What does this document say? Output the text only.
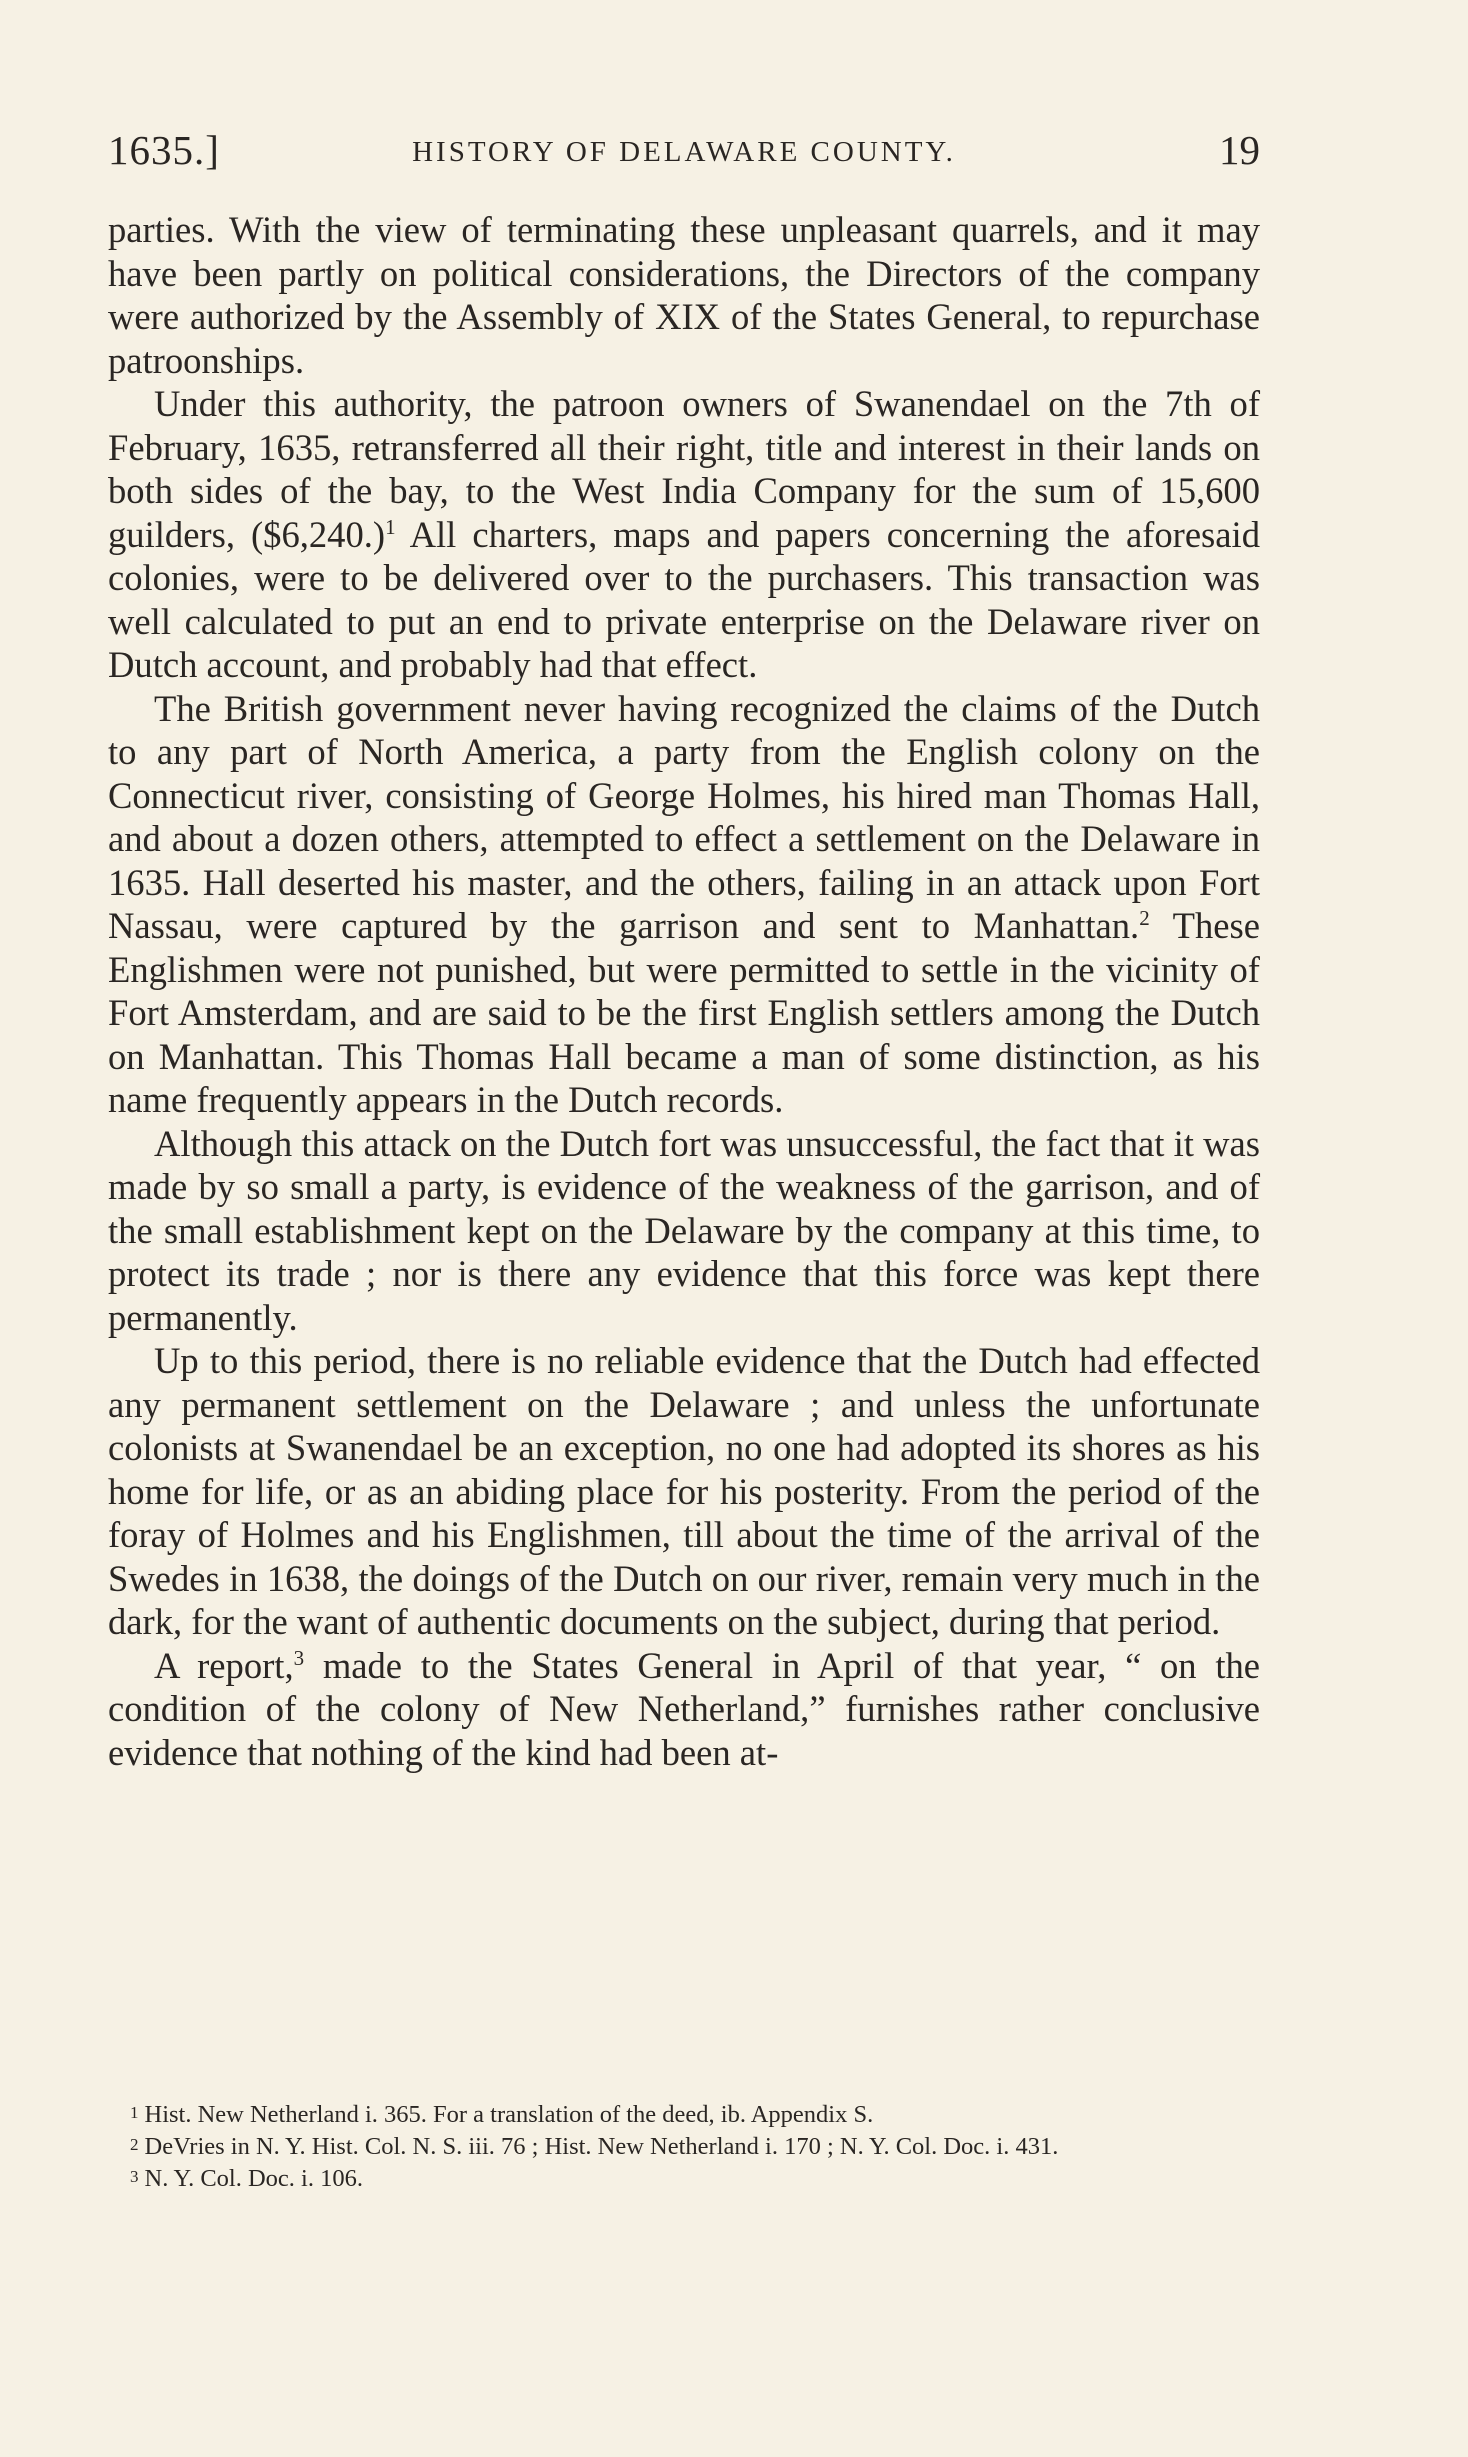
1635.]	HISTORY OF DELAWARE COUNTY.	19

parties. With the view of terminating these unpleasant quarrels, and it may have been partly on political considerations, the Directors of the company were authorized by the Assembly of XIX of the States General, to repurchase patroonships.

Under this authority, the patroon owners of Swanendael on the 7th of February, 1635, retransferred all their right, title and interest in their lands on both sides of the bay, to the West India Company for the sum of 15,600 guilders, ($6,240.)$^1$ All charters, maps and papers concerning the aforesaid colonies, were to be delivered over to the purchasers. This transaction was well calculated to put an end to private enterprise on the Delaware river on Dutch account, and probably had that effect.

The British government never having recognized the claims of the Dutch to any part of North America, a party from the English colony on the Connecticut river, consisting of George Holmes, his hired man Thomas Hall, and about a dozen others, attempted to effect a settlement on the Delaware in 1635. Hall deserted his master, and the others, failing in an attack upon Fort Nassau, were captured by the garrison and sent to Manhattan.$^2$ These Englishmen were not punished, but were permitted to settle in the vicinity of Fort Amsterdam, and are said to be the first English settlers among the Dutch on Manhattan. This Thomas Hall became a man of some distinction, as his name frequently appears in the Dutch records.

Although this attack on the Dutch fort was unsuccessful, the fact that it was made by so small a party, is evidence of the weakness of the garrison, and of the small establishment kept on the Delaware by the company at this time, to protect its trade ; nor is there any evidence that this force was kept there permanently.

Up to this period, there is no reliable evidence that the Dutch had effected any permanent settlement on the Delaware ; and unless the unfortunate colonists at Swanendael be an exception, no one had adopted its shores as his home for life, or as an abiding place for his posterity. From the period of the foray of Holmes and his Englishmen, till about the time of the arrival of the Swedes in 1638, the doings of the Dutch on our river, remain very much in the dark, for the want of authentic documents on the subject, during that period.

A report,$^3$ made to the States General in April of that year, “ on the condition of the colony of New Netherland,” furnishes rather conclusive evidence that nothing of the kind had been at-

1 Hist. New Netherland i. 365. For a translation of the deed, ib. Appendix S.

2 DeVries in N. Y. Hist. Col. N. S. iii. 76 ; Hist. New Netherland i. 170 ; N. Y. Col. Doc. i. 431.

3 N. Y. Col. Doc. i. 106.
